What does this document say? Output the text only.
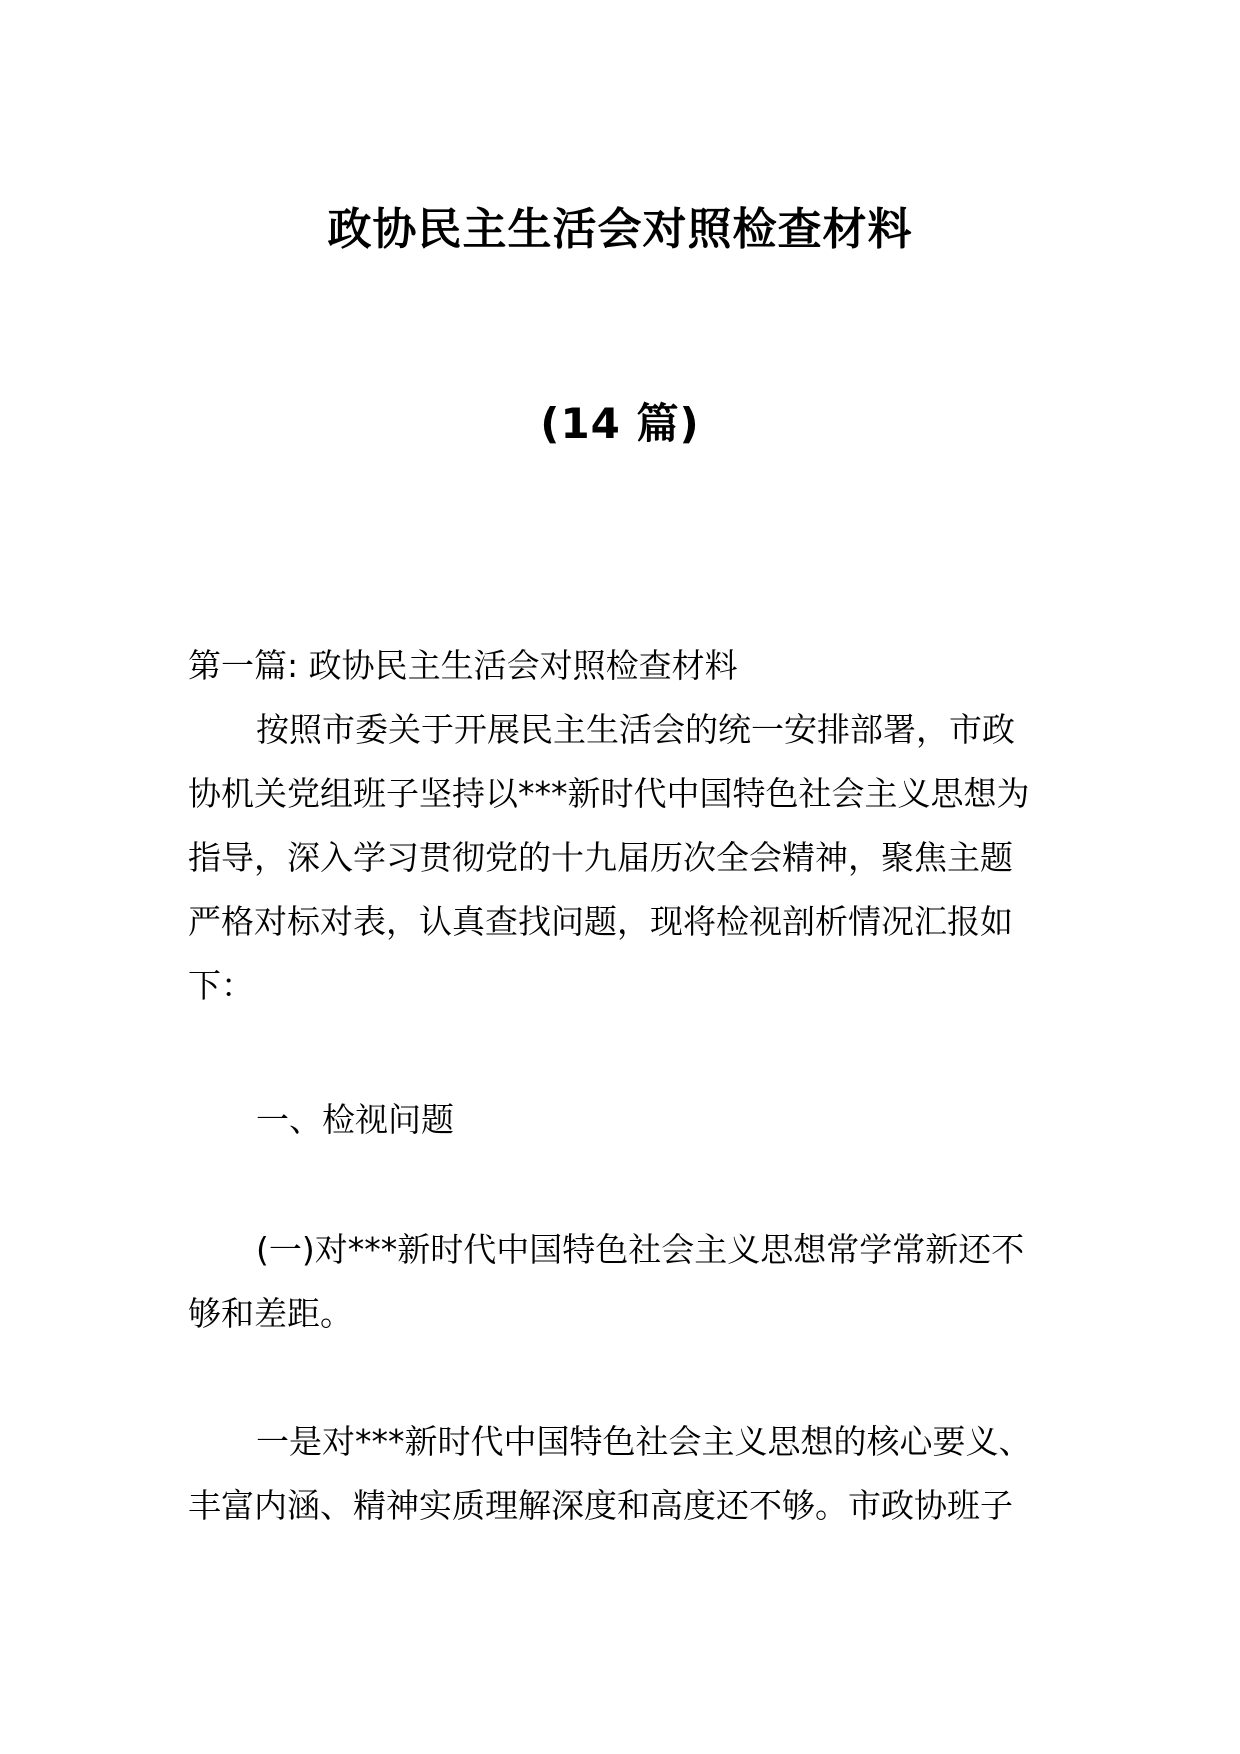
政协民主生活会对照检查材料
(14 篇)
第一篇: 政协民主生活会对照检查材料
按照市委关于开展民主生活会的统一安排部署，市政
协机关党组班子坚持以***新时代中国特色社会主义思想为
指导，深入学习贯彻党的十九届历次全会精神，聚焦主题
严格对标对表，认真查找问题，现将检视剖析情况汇报如
下：
一、检视问题
(一)对***新时代中国特色社会主义思想常学常新还不
够和差距。
一是对***新时代中国特色社会主义思想的核心要义、
丰富内涵、精神实质理解深度和高度还不够。市政协班子
